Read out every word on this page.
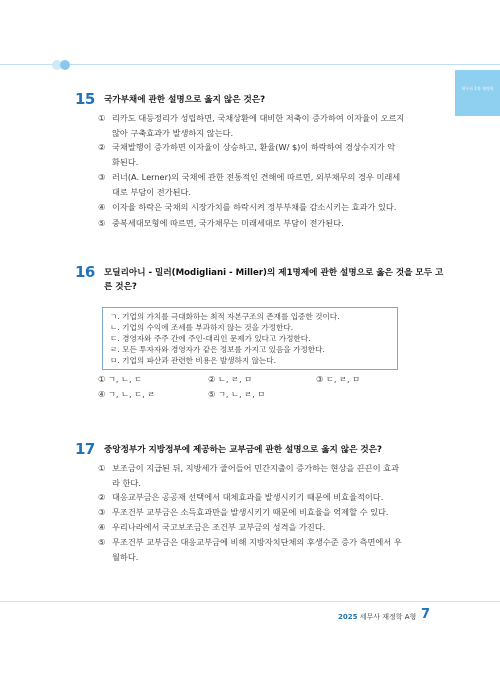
세무사 1차 재정학
15 국가부채에 관한 설명으로 옳지 않은 것은?
① 리카도 대등정리가 성립하면, 국채상환에 대비한 저축이 증가하여 이자율이 오르지
않아 구축효과가 발생하지 않는다.
② 국채발행이 증가하면 이자율이 상승하고, 환율(W/ $)이 하락하여 경상수지가 악
화된다.
③ 러너(A. Lerner)의 국채에 관한 전통적인 견해에 따르면, 외부채무의 경우 미래세
대로 부담이 전가된다.
④ 이자율 하락은 국채의 시장가치를 하락시켜 정부부채를 감소시키는 효과가 있다.
⑤ 중복세대모형에 따르면, 국가채무는 미래세대로 부담이 전가된다.
16 모딜리아니 - 밀러(Modigliani - Miller)의 제1명제에 관한 설명으로 옳은 것을 모두 고
른 것은?
ㄱ. 기업의 가치를 극대화하는 최적 자본구조의 존재를 입증한 것이다.
ㄴ. 기업의 수익에 조세를 부과하지 않는 것을 가정한다.
ㄷ. 경영자와 주주 간에 주인-대리인 문제가 있다고 가정한다.
ㄹ. 모든 투자자와 경영자가 같은 정보를 가지고 있음을 가정한다.
ㅁ. 기업의 파산과 관련한 비용은 발생하지 않는다.
① ㄱ, ㄴ, ㄷ	② ㄴ, ㄹ, ㅁ	③ ㄷ, ㄹ, ㅁ
④ ㄱ, ㄴ, ㄷ, ㄹ	⑤ ㄱ, ㄴ, ㄹ, ㅁ
17 중앙정부가 지방정부에 제공하는 교부금에 관한 설명으로 옳지 않은 것은?
① 보조금이 지급된 뒤, 지방세가 줄어들어 민간지출이 증가하는 현상을 끈끈이 효과
라 한다.
② 대응교부금은 공공재 선택에서 대체효과를 발생시키기 때문에 비효율적이다.
③ 무조건부 교부금은 소득효과만을 발생시키기 때문에 비효율을 억제할 수 있다.
④ 우리나라에서 국고보조금은 조건부 교부금의 성격을 가진다.
⑤ 무조건부 교부금은 대응교부금에 비해 지방자치단체의 후생수준 증가 측면에서 우
월하다.
2025 세무사 재정학 A형 7
